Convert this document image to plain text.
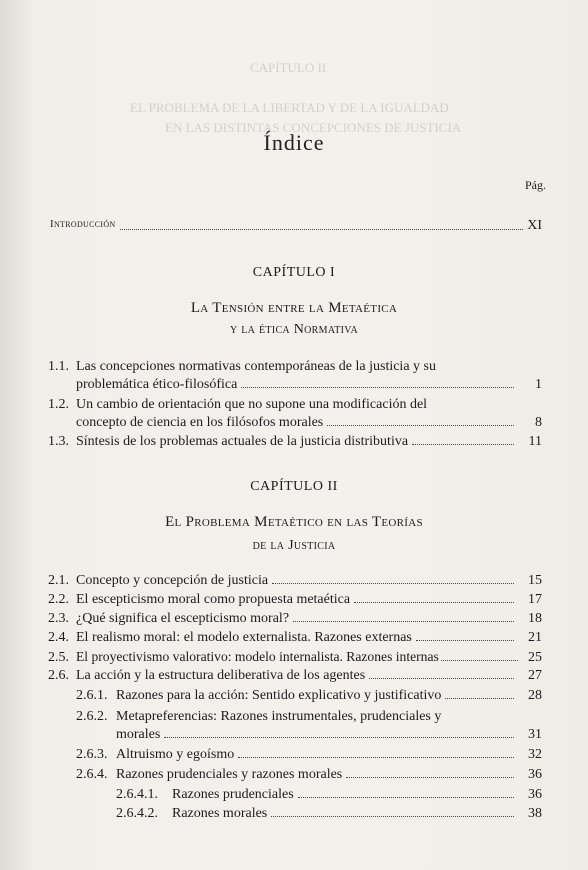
CAPÍTULO II
EL PROBLEMA DE LA LIBERTAD Y DE LA IGUALDAD
EN LAS DISTINTAS CONCEPCIONES DE JUSTICIA
Índice
Pág.
Introducción	XI
CAPÍTULO I
La Tensión entre la Metaética
y la ética Normativa
1.1. Las concepciones normativas contemporáneas de la justicia y su
problemática ético-filosófica	1
1.2. Un cambio de orientación que no supone una modificación del
concepto de ciencia en los filósofos morales	8
1.3. Síntesis de los problemas actuales de la justicia distributiva	11
CAPÍTULO II
El Problema Metaético en las Teorías
de la Justicia
2.1. Concepto y concepción de justicia	15
2.2. El escepticismo moral como propuesta metaética	17
2.3. ¿Qué significa el escepticismo moral?	18
2.4. El realismo moral: el modelo externalista. Razones externas	21
2.5. El proyectivismo valorativo: modelo internalista. Razones internas	25
2.6. La acción y la estructura deliberativa de los agentes	27
2.6.1. Razones para la acción: Sentido explicativo y justificativo	28
2.6.2. Metapreferencias: Razones instrumentales, prudenciales y
morales	31
2.6.3. Altruismo y egoísmo	32
2.6.4. Razones prudenciales y razones morales	36
2.6.4.1.	Razones prudenciales	36
2.6.4.2.	Razones morales	38
